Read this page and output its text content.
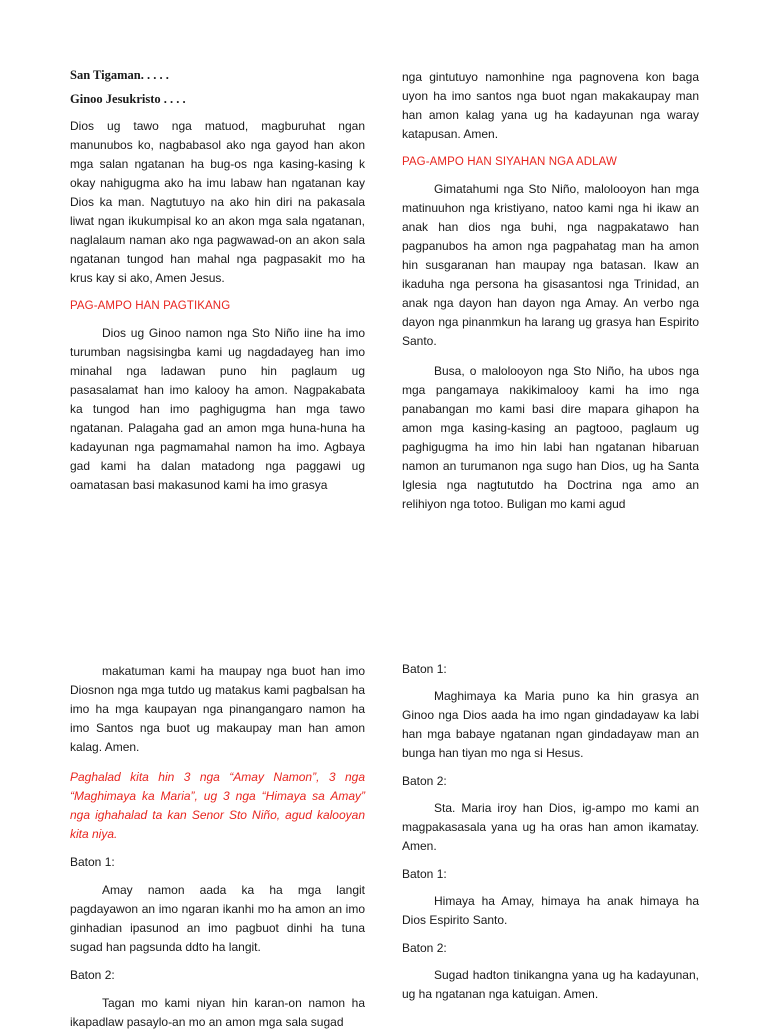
San Tigaman. . . . .

Ginoo Jesukristo . . . .

Dios ug tawo nga matuod, magburuhat ngan manunubos ko, nagbabasol ako nga gayod han akon mga salan ngatanan ha bug-os nga kasing-kasing k okay nahigugma ako ha imu labaw han ngatanan kay Dios ka man. Nagtutuyo na ako hin diri na pakasala liwat ngan ikukumpisal ko an akon mga sala ngatanan, naglalaum naman ako nga pagwawad-on an akon sala ngatanan tungod han mahal nga pagpasakit mo ha krus kay si ako, Amen Jesus.

PAG-AMPO HAN PAGTIKANG

Dios ug Ginoo namon nga Sto Niño iine ha imo turumban nagsisingba kami ug nagdadayeg han imo minahal nga ladawan puno hin paglaum ug pasasalamat han imo kalooy ha amon. Nagpakabata ka tungod han imo paghigugma han mga tawo ngatanan. Palagaha gad an amon mga huna-huna ha kadayunan nga pagmamahal namon ha imo. Agbaya gad kami ha dalan matadong nga paggawi ug oamatasan basi makasunod kami ha imo grasya

nga gintutuyo namonhine nga pagnovena kon baga uyon ha imo santos nga buot ngan makakaupay man han amon kalag yana ug ha kadayunan nga waray katapusan. Amen.

PAG-AMPO HAN SIYAHAN NGA ADLAW

Gimatahumi nga Sto Niño, malolooyon han mga matinuuhon nga kristiyano, natoo kami nga hi ikaw an anak han dios nga buhi, nga nagpakatawo han pagpanubos ha amon nga pagpahatag man ha amon hin susgaranan han maupay nga batasan. Ikaw an ikaduha nga persona ha gisasantosi nga Trinidad, an anak nga dayon han dayon nga Amay. An verbo nga dayon nga pinanmkun ha larang ug grasya han Espirito Santo.

Busa, o malolooyon nga Sto Niño, ha ubos nga mga pangamaya nakikimalooy kami ha imo nga panabangan mo kami basi dire mapara gihapon ha amon mga kasing-kasing an pagtooo, paglaum ug paghigugma ha imo hin labi han ngatanan hibaruan namon an turumanon nga sugo han Dios, ug ha Santa Iglesia nga nagtututdo ha Doctrina nga amo an relihiyon nga totoo. Buligan mo kami agud

makatuman kami ha maupay nga buot han imo Diosnon nga mga tutdo ug matakus kami pagbalsan ha imo ha mga kaupayan nga pinangangaro namon ha imo Santos nga buot ug makaupay man han amon kalag. Amen.

Paghalad kita hin 3 nga “Amay Namon”, 3 nga “Maghimaya ka Maria”, ug 3 nga “Himaya sa Amay” nga ighahalad ta kan Senor Sto Niño, agud kalooyan kita niya.

Baton 1:

Amay namon aada ka ha mga langit pagdayawon an imo ngaran ikanhi mo ha amon an imo ginhadian ipasunod an imo pagbuot dinhi ha tuna sugad han pagsunda ddto ha langit.

Baton 2:

Tagan mo kami niyan hin karan-on namon ha ikapadlaw pasaylo-an mo an amon mga sala sugad

Baton 1:

Maghimaya ka Maria puno ka hin grasya an Ginoo nga Dios aada ha imo ngan gindadayaw ka labi han mga babaye ngatanan ngan gindadayaw man an bunga han tiyan mo nga si Hesus.

Baton 2:

Sta. Maria iroy han Dios, ig-ampo mo kami an magpakasasala yana ug ha oras han amon ikamatay. Amen.

Baton 1:

Himaya ha Amay, himaya ha anak himaya ha Dios Espirito Santo.

Baton 2:

Sugad hadton tinikangna yana ug ha kadayunan, ug ha ngatanan nga katuigan. Amen.
